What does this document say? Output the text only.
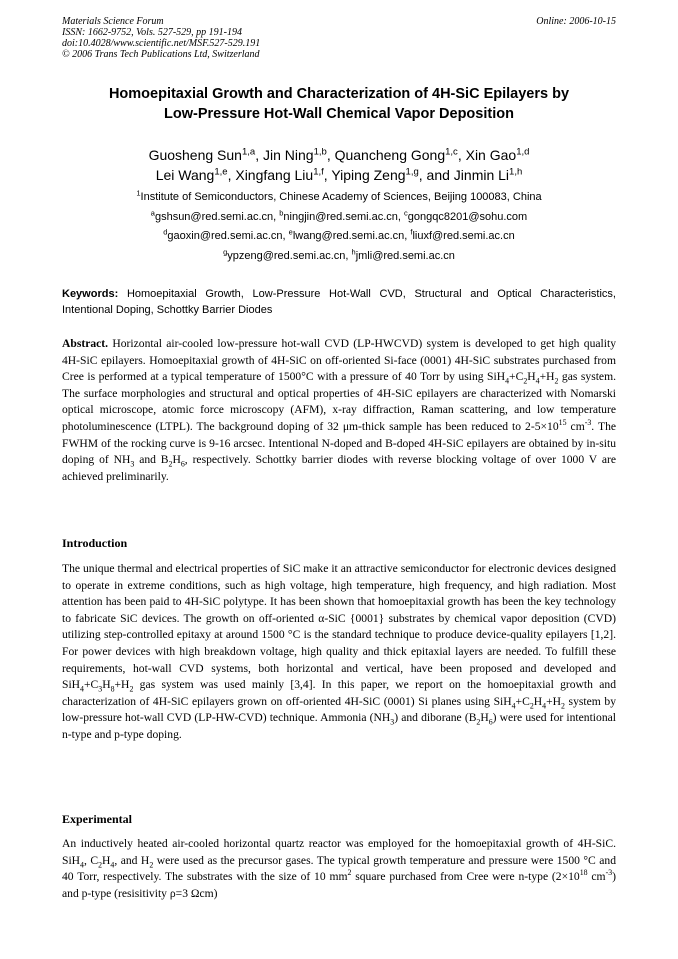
Materials Science Forum
ISSN: 1662-9752, Vols. 527-529, pp 191-194
doi:10.4028/www.scientific.net/MSF.527-529.191
© 2006 Trans Tech Publications Ltd, Switzerland
Online: 2006-10-15
Homoepitaxial Growth and Characterization of 4H-SiC Epilayers by
Low-Pressure Hot-Wall Chemical Vapor Deposition
Guosheng Sun$^{1,a}$, Jin Ning$^{1,b}$, Quancheng Gong$^{1,c}$, Xin Gao$^{1,d}$
Lei Wang$^{1,e}$, Xingfang Liu$^{1,f}$, Yiping Zeng$^{1,g}$, and Jinmin Li$^{1,h}$
$^1$Institute of Semiconductors, Chinese Academy of Sciences, Beijing 100083, China
$^a$gshsun@red.semi.ac.cn, $^b$ningjin@red.semi.ac.cn, $^c$gongqc8201@sohu.com
$^d$gaoxin@red.semi.ac.cn, $^e$lwang@red.semi.ac.cn, $^f$liuxf@red.semi.ac.cn
$^g$ypzeng@red.semi.ac.cn, $^h$jmli@red.semi.ac.cn
Keywords: Homoepitaxial Growth, Low-Pressure Hot-Wall CVD, Structural and Optical Characteristics, Intentional Doping, Schottky Barrier Diodes

Abstract. Horizontal air-cooled low-pressure hot-wall CVD (LP-HWCVD) system is developed to get high quality 4H-SiC epilayers. Homoepitaxial growth of 4H-SiC on off-oriented Si-face (0001) 4H-SiC substrates purchased from Cree is performed at a typical temperature of 1500°C with a pressure of 40 Torr by using $SiH_4+C_2H_4+H_2$ gas system. The surface morphologies and structural and optical properties of 4H-SiC epilayers are characterized with Nomarski optical microscope, atomic force microscopy (AFM), x-ray diffraction, Raman scattering, and low temperature photoluminescence (LTPL). The background doping of 32 μm-thick sample has been reduced to $2-5\times 10^{15}$ $cm^{-3}$. The FWHM of the rocking curve is 9-16 arcsec. Intentional N-doped and B-doped 4H-SiC epilayers are obtained by in-situ doping of $NH_3$ and $B_2H_6$, respectively. Schottky barrier diodes with reverse blocking voltage of over 1000 V are achieved preliminarily.

Introduction

The unique thermal and electrical properties of SiC make it an attractive semiconductor for electronic devices designed to operate in extreme conditions, such as high voltage, high temperature, high frequency, and high radiation. Most attention has been paid to 4H-SiC polytype. It has been shown that homoepitaxial growth has been the key technology to fabricate SiC devices. The growth on off-oriented α-SiC {0001} substrates by chemical vapor deposition (CVD) utilizing step-controlled epitaxy at around 1500 °C is the standard technique to produce device-quality epilayers [1,2]. For power devices with high breakdown voltage, high quality and thick epitaxial layers are needed. To fulfill these requirements, hot-wall CVD systems, both horizontal and vertical, have been proposed and developed and $SiH_4+C_3H_8+H_2$ gas system was used mainly [3,4]. In this paper, we report on the homoepitaxial growth and characterization of 4H-SiC epilayers grown on off-oriented 4H-SiC (0001) Si planes using $SiH_4+C_2H_4+H_2$ system by low-pressure hot-wall CVD (LP-HW-CVD) technique. Ammonia $(NH_3)$ and diborane $(B_2H_6)$ were used for intentional n-type and p-type doping.

Experimental

An inductively heated air-cooled horizontal quartz reactor was employed for the homoepitaxial growth of 4H-SiC. SiH$_4$, $C_2H_4$, and $H_2$ were used as the precursor gases. The typical growth temperature and pressure were 1500 °C and 40 Torr, respectively. The substrates with the size of 10 $mm^2$ square purchased from Cree were n-type ($2\times 10^{18}$ $cm^{-3}$) and p-type (resisitivity ρ=3 Ωcm)
